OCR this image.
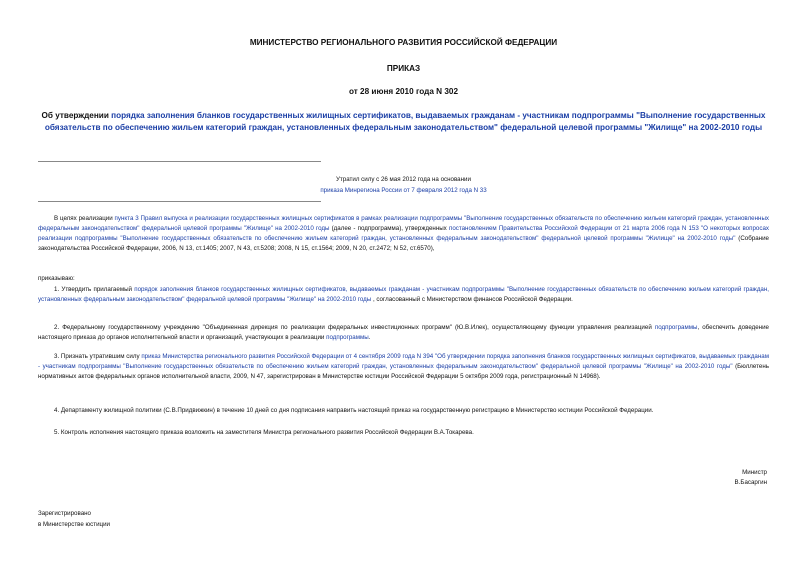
МИНИСТЕРСТВО РЕГИОНАЛЬНОГО РАЗВИТИЯ РОССИЙСКОЙ ФЕДЕРАЦИИ
ПРИКАЗ
от 28 июня 2010 года N 302
Об утверждении порядка заполнения бланков государственных жилищных сертификатов, выдаваемых гражданам - участникам подпрограммы "Выполнение государственных обязательств по обеспечению жильем категорий граждан, установленных федеральным законодательством" федеральной целевой программы "Жилище" на 2002-2010 годы
Утратил силу с 26 мая 2012 года на основании
приказа Минрегиона России от 7 февраля 2012 года N 33
В целях реализации пункта 3 Правил выпуска и реализации государственных жилищных сертификатов в рамках реализации подпрограммы "Выполнение государственных обязательств по обеспечению жильем категорий граждан, установленных федеральным законодательством" федеральной целевой программы "Жилище" на 2002-2010 годы (далее - подпрограмма), утвержденных постановлением Правительства Российской Федерации от 21 марта 2006 года N 153 "О некоторых вопросах реализации подпрограммы "Выполнение государственных обязательств по обеспечению жильем категорий граждан, установленных федеральным законодательством" федеральной целевой программы "Жилище" на 2002-2010 годы" (Собрание законодательства Российской Федерации, 2006, N 13, ст.1405; 2007, N 43, ст.5208; 2008, N 15, ст.1564; 2009, N 20, ст.2472; N 52, ст.6570),
приказываю:
1. Утвердить прилагаемый порядок заполнения бланков государственных жилищных сертификатов, выдаваемых гражданам - участникам подпрограммы "Выполнение государственных обязательств по обеспечению жильем категорий граждан, установленных федеральным законодательством" федеральной целевой программы "Жилище" на 2002-2010 годы , согласованный с Министерством финансов Российской Федерации.
2. Федеральному государственному учреждению "Объединенная дирекция по реализации федеральных инвестиционных программ" (Ю.В.Илек), осуществляющему функции управления реализацией подпрограммы, обеспечить доведение настоящего приказа до органов исполнительной власти и организаций, участвующих в реализации подпрограммы.
3. Признать утратившим силу приказ Министерства регионального развития Российской Федерации от 4 сентября 2009 года N 394 "Об утверждении порядка заполнения бланков государственных жилищных сертификатов, выдаваемых гражданам - участникам подпрограммы "Выполнение государственных обязательств по обеспечению жильем категорий граждан, установленных федеральным законодательством" федеральной целевой программы "Жилище" на 2002-2010 годы" (Бюллетень нормативных актов федеральных органов исполнительной власти, 2009, N 47, зарегистрирован в Министерстве юстиции Российской Федерации 5 октября 2009 года, регистрационный N 14968).
4. Департаменту жилищной политики (С.В.Придвижкин) в течение 10 дней со дня подписания направить настоящий приказ на государственную регистрацию в Министерство юстиции Российской Федерации.
5. Контроль исполнения настоящего приказа возложить на заместителя Министра регионального развития Российской Федерации В.А.Токарева.
Министр
В.Басаргин
Зарегистрировано
в Министерстве юстиции
